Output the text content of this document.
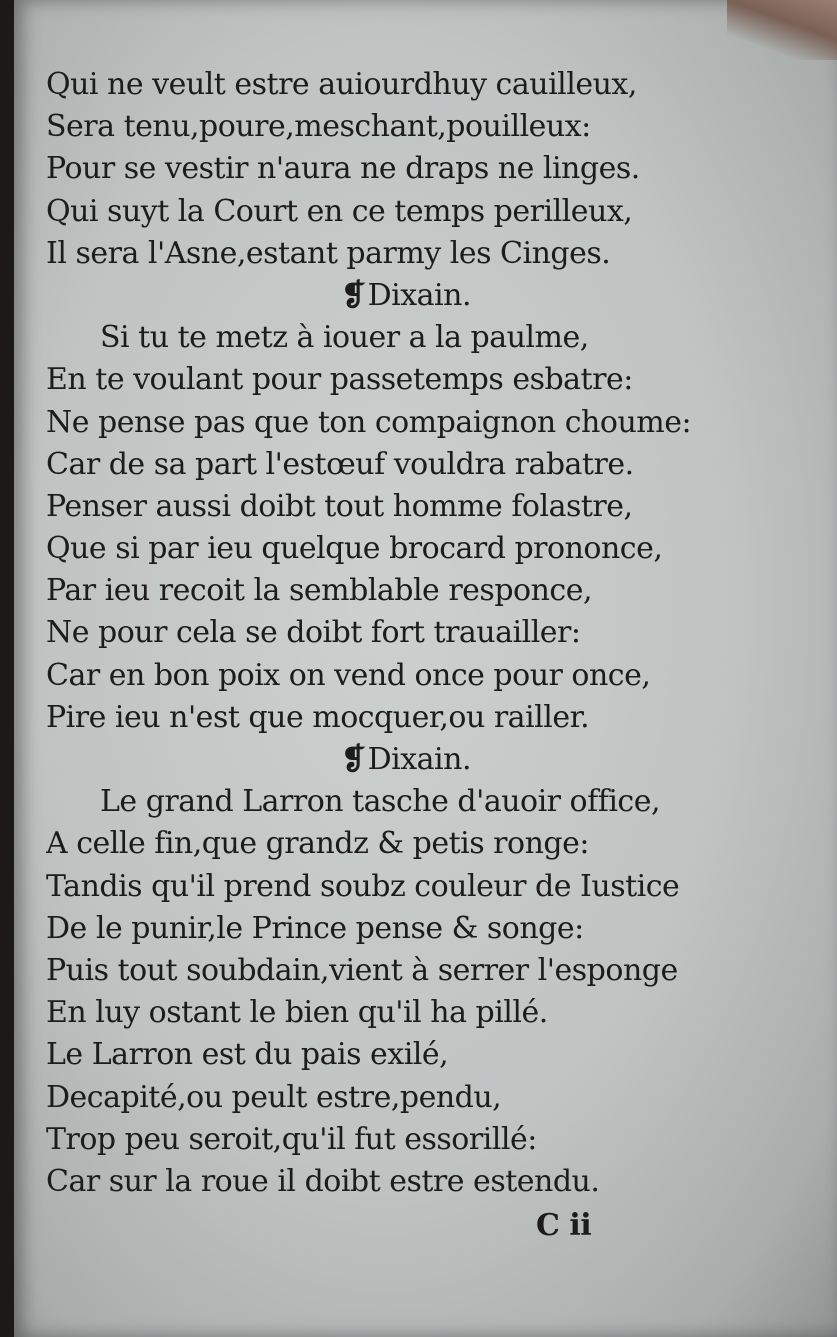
Qui ne veult estre auiourdhuy cauilleux,
Sera tenu,poure,meschant,pouilleux:
Pour se vestir n'aura ne draps ne linges.
Qui suyt la Court en ce temps perilleux,
Il sera l'Asne,estant parmy les Cinges.
❡Dixain.
Si tu te metz à iouer a la paulme,
En te voulant pour passetemps esbatre:
Ne pense pas que ton compaignon choume:
Car de sa part l'estœuf vouldra rabatre.
Penser aussi doibt tout homme folastre,
Que si par ieu quelque brocard prononce,
Par ieu recoit la semblable responce,
Ne pour cela se doibt fort trauailler:
Car en bon poix on vend once pour once,
Pire ieu n'est que mocquer,ou railler.
❡Dixain.
Le grand Larron tasche d'auoir office,
A celle fin,que grandz & petis ronge:
Tandis qu'il prend soubz couleur de Iustice
De le punir,le Prince pense & songe:
Puis tout soubdain,vient à serrer l'esponge
En luy ostant le bien qu'il ha pillé.
Le Larron est du pais exilé,
Decapité,ou peult estre,pendu,
Trop peu seroit,qu'il fut essorillé:
Car sur la roue il doibt estre estendu.
C ii
